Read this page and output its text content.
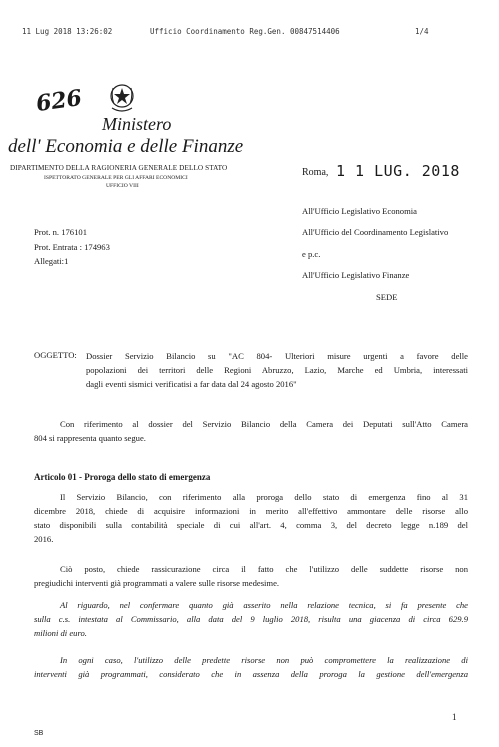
11 Lug 2018 13:26:02	Ufficio Coordinamento Reg.Gen. 00847514406	1/4
626
Ministero
dell' Economia e delle Finanze
DIPARTIMENTO DELLA RAGIONERIA GENERALE DELLO STATO
ISPETTORATO GENERALE PER GLI AFFARI ECONOMICI
UFFICIO VIII
Roma, 1 1 LUG. 2018
Prot. n. 176101
Prot. Entrata : 174963
Allegati:1
All'Ufficio Legislativo Economia
All'Ufficio del Coordinamento Legislativo
e p.c.
All'Ufficio Legislativo Finanze
SEDE
OGGETTO: Dossier Servizio Bilancio su "AC 804- Ulteriori misure urgenti a favore delle
popolazioni dei territori delle Regioni Abruzzo, Lazio, Marche ed Umbria, interessati
dagli eventi sismici verificatisi a far data dal 24 agosto 2016"
Con riferimento al dossier del Servizio Bilancio della Camera dei Deputati sull'Atto Camera
804 si rappresenta quanto segue.
Articolo 01 - Proroga dello stato di emergenza
Il Servizio Bilancio, con riferimento alla proroga dello stato di emergenza fino al 31
dicembre 2018, chiede di acquisire informazioni in merito all'effettivo ammontare delle risorse allo
stato disponibili sulla contabilità speciale di cui all'art. 4, comma 3, del decreto legge n.189 del
2016.
Ciò posto, chiede rassicurazione circa il fatto che l'utilizzo delle suddette risorse non
pregiudichi interventi già programmati a valere sulle risorse medesime.
Al riguardo, nel confermare quanto già asserito nella relazione tecnica, si fa presente che
sulla c.s. intestata al Commissario, alla data del 9 luglio 2018, risulta una giacenza di circa 629.9
milioni di euro.
In ogni caso, l'utilizzo delle predette risorse non può compromettere la realizzazione di
interventi già programmati, considerato che in assenza della proroga la gestione dell'emergenza
1
SB
